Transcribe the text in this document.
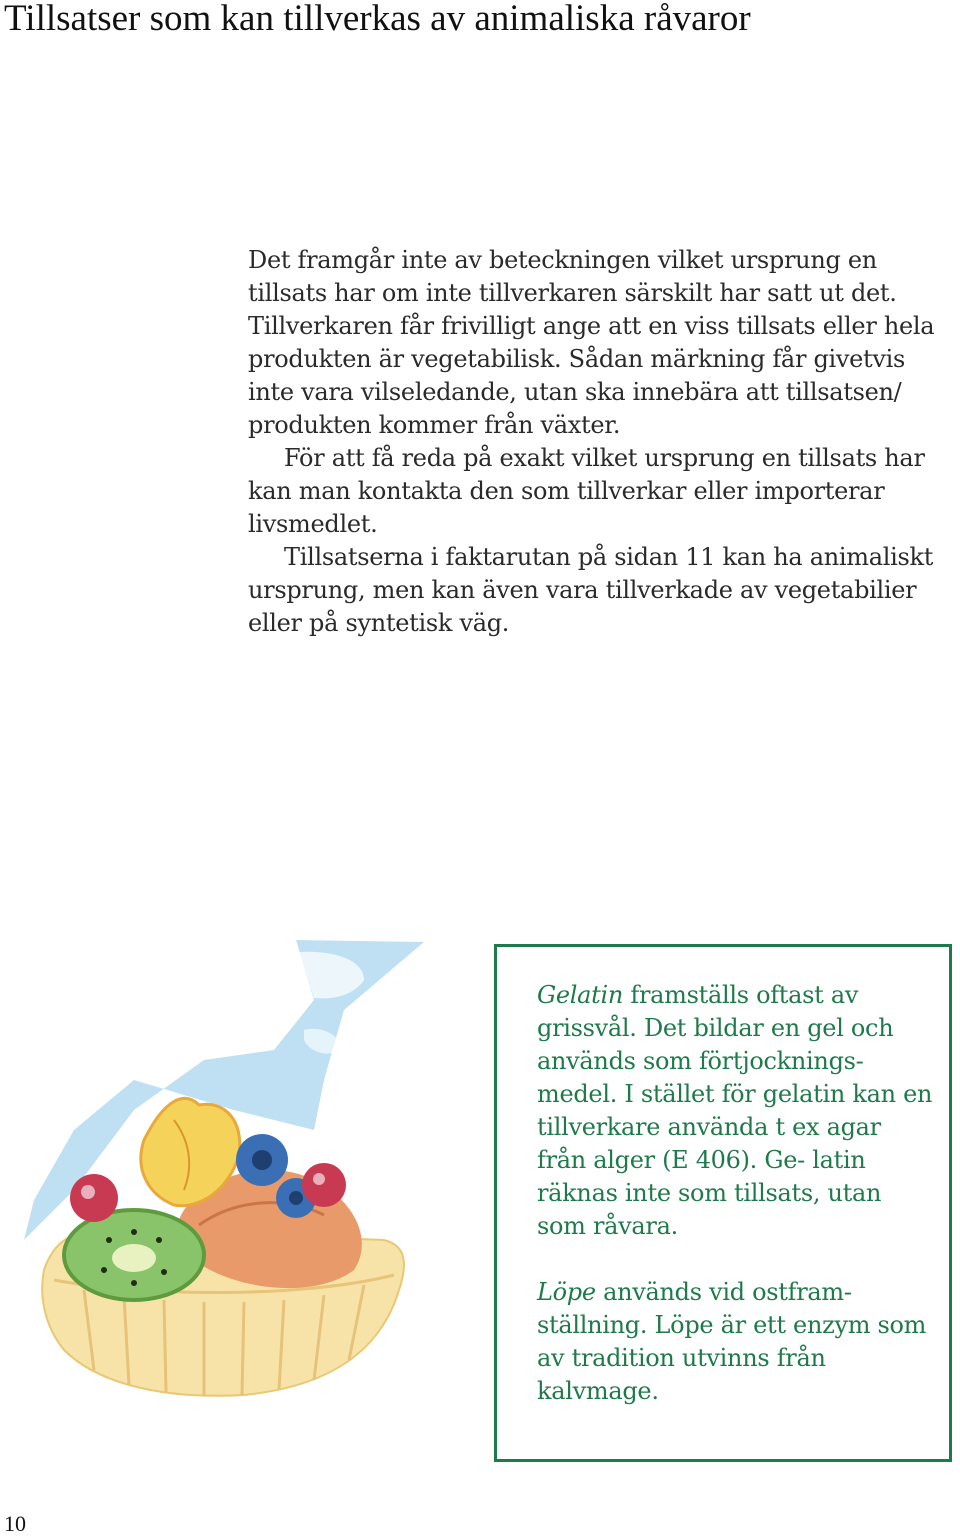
Tillsatser som kan tillverkas av animaliska råvaror

Det framgår inte av beteckningen vilket ursprung en tillsats har om inte tillverkaren särskilt har satt ut det. Tillverkaren får frivilligt ange att en viss tillsats eller hela produkten är vegetabilisk. Sådan märkning får givetvis inte vara vilseledande, utan ska innebära att tillsatsen/ produkten kommer från växter.

För att få reda på exakt vilket ursprung en tillsats har kan man kontakta den som tillverkar eller importerar livsmedlet.

Tillsatserna i faktarutan på sidan 11 kan ha animaliskt ursprung, men kan även vara tillverkade av vegetabilier eller på syntetisk väg.

Gelatin framställs oftast av grissvål. Det bildar en gel och används som förtjocknings- medel. I stället för gelatin kan en tillverkare använda t ex agar från alger (E 406). Ge- latin räknas inte som tillsats, utan som råvara.

Löpe används vid ostfram- ställning. Löpe är ett enzym som av tradition utvinns från kalvmage.

10
